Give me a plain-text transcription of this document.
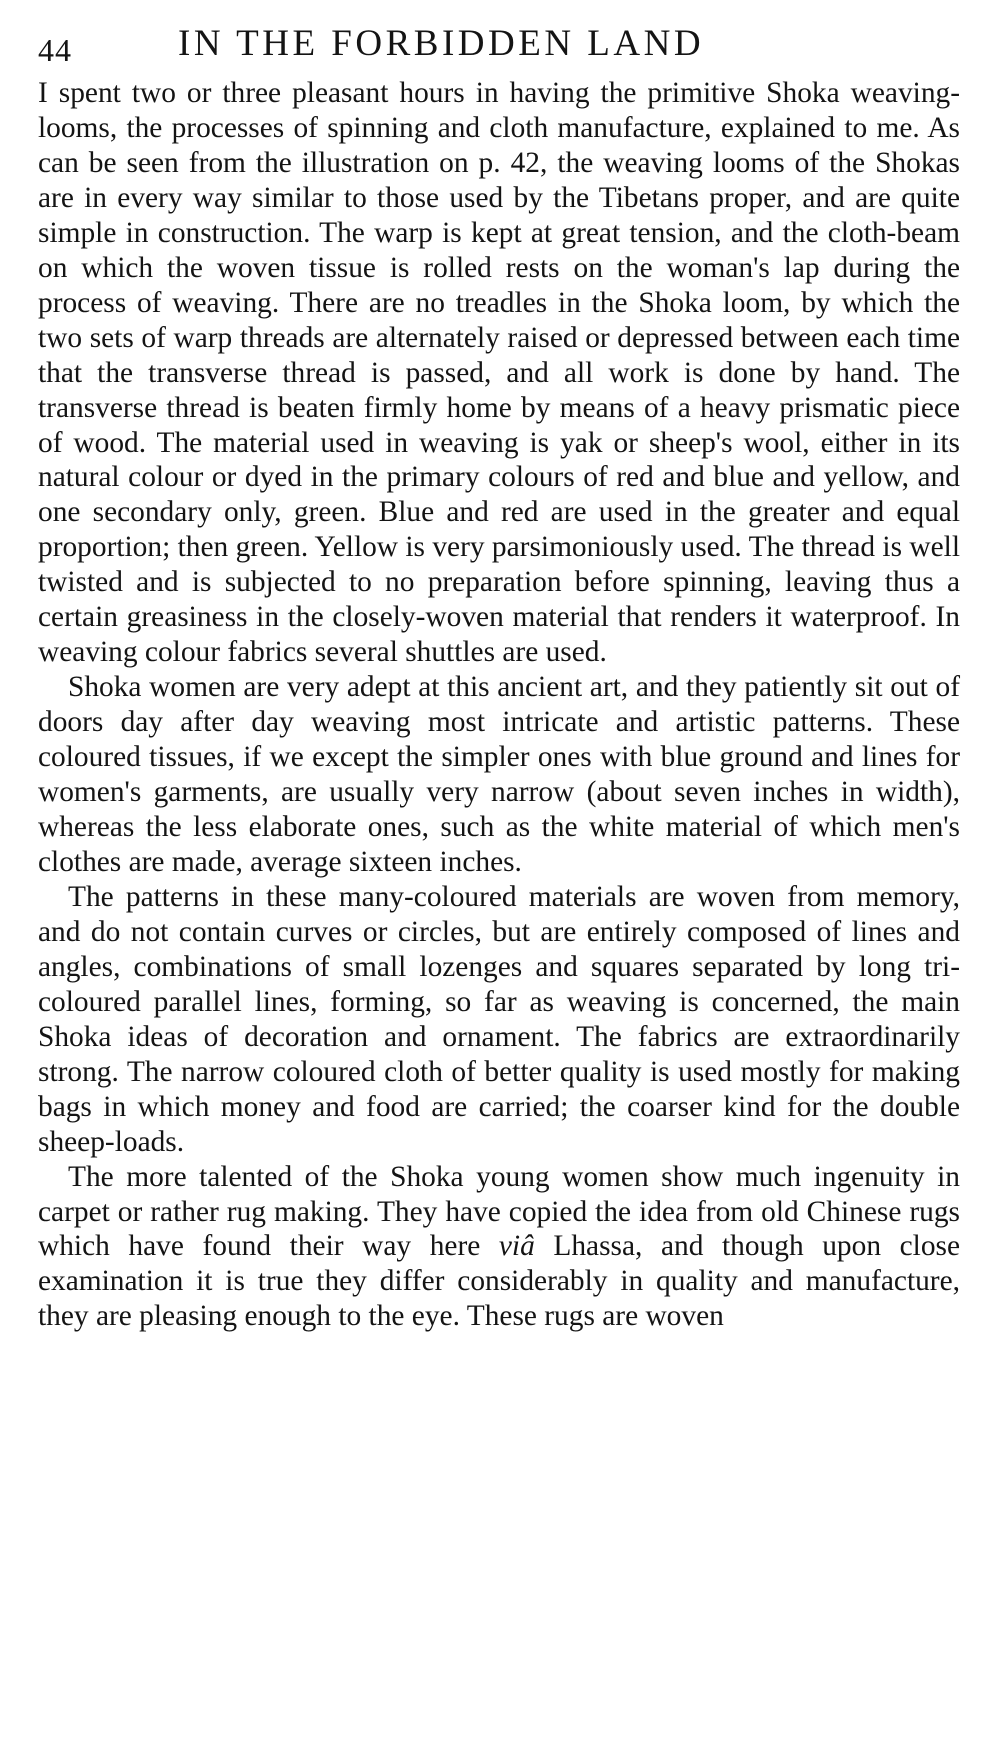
44	IN THE FORBIDDEN LAND

I spent two or three pleasant hours in having the primitive Shoka weaving-looms, the processes of spinning and cloth manufacture, explained to me. As can be seen from the illustration on p. 42, the weaving looms of the Shokas are in every way similar to those used by the Tibetans proper, and are quite simple in construction. The warp is kept at great tension, and the cloth-beam on which the woven tissue is rolled rests on the woman's lap during the process of weaving. There are no treadles in the Shoka loom, by which the two sets of warp threads are alternately raised or depressed between each time that the transverse thread is passed, and all work is done by hand. The transverse thread is beaten firmly home by means of a heavy prismatic piece of wood. The material used in weaving is yak or sheep's wool, either in its natural colour or dyed in the primary colours of red and blue and yellow, and one secondary only, green. Blue and red are used in the greater and equal proportion; then green. Yellow is very parsimoniously used. The thread is well twisted and is subjected to no preparation before spinning, leaving thus a certain greasiness in the closely-woven material that renders it waterproof. In weaving colour fabrics several shuttles are used.

Shoka women are very adept at this ancient art, and they patiently sit out of doors day after day weaving most intricate and artistic patterns. These coloured tissues, if we except the simpler ones with blue ground and lines for women's garments, are usually very narrow (about seven inches in width), whereas the less elaborate ones, such as the white material of which men's clothes are made, average sixteen inches.

The patterns in these many-coloured materials are woven from memory, and do not contain curves or circles, but are entirely composed of lines and angles, combinations of small lozenges and squares separated by long tri-coloured parallel lines, forming, so far as weaving is concerned, the main Shoka ideas of decoration and ornament. The fabrics are extraordinarily strong. The narrow coloured cloth of better quality is used mostly for making bags in which money and food are carried; the coarser kind for the double sheep-loads.

The more talented of the Shoka young women show much ingenuity in carpet or rather rug making. They have copied the idea from old Chinese rugs which have found their way here viâ Lhassa, and though upon close examination it is true they differ considerably in quality and manufacture, they are pleasing enough to the eye. These rugs are woven
